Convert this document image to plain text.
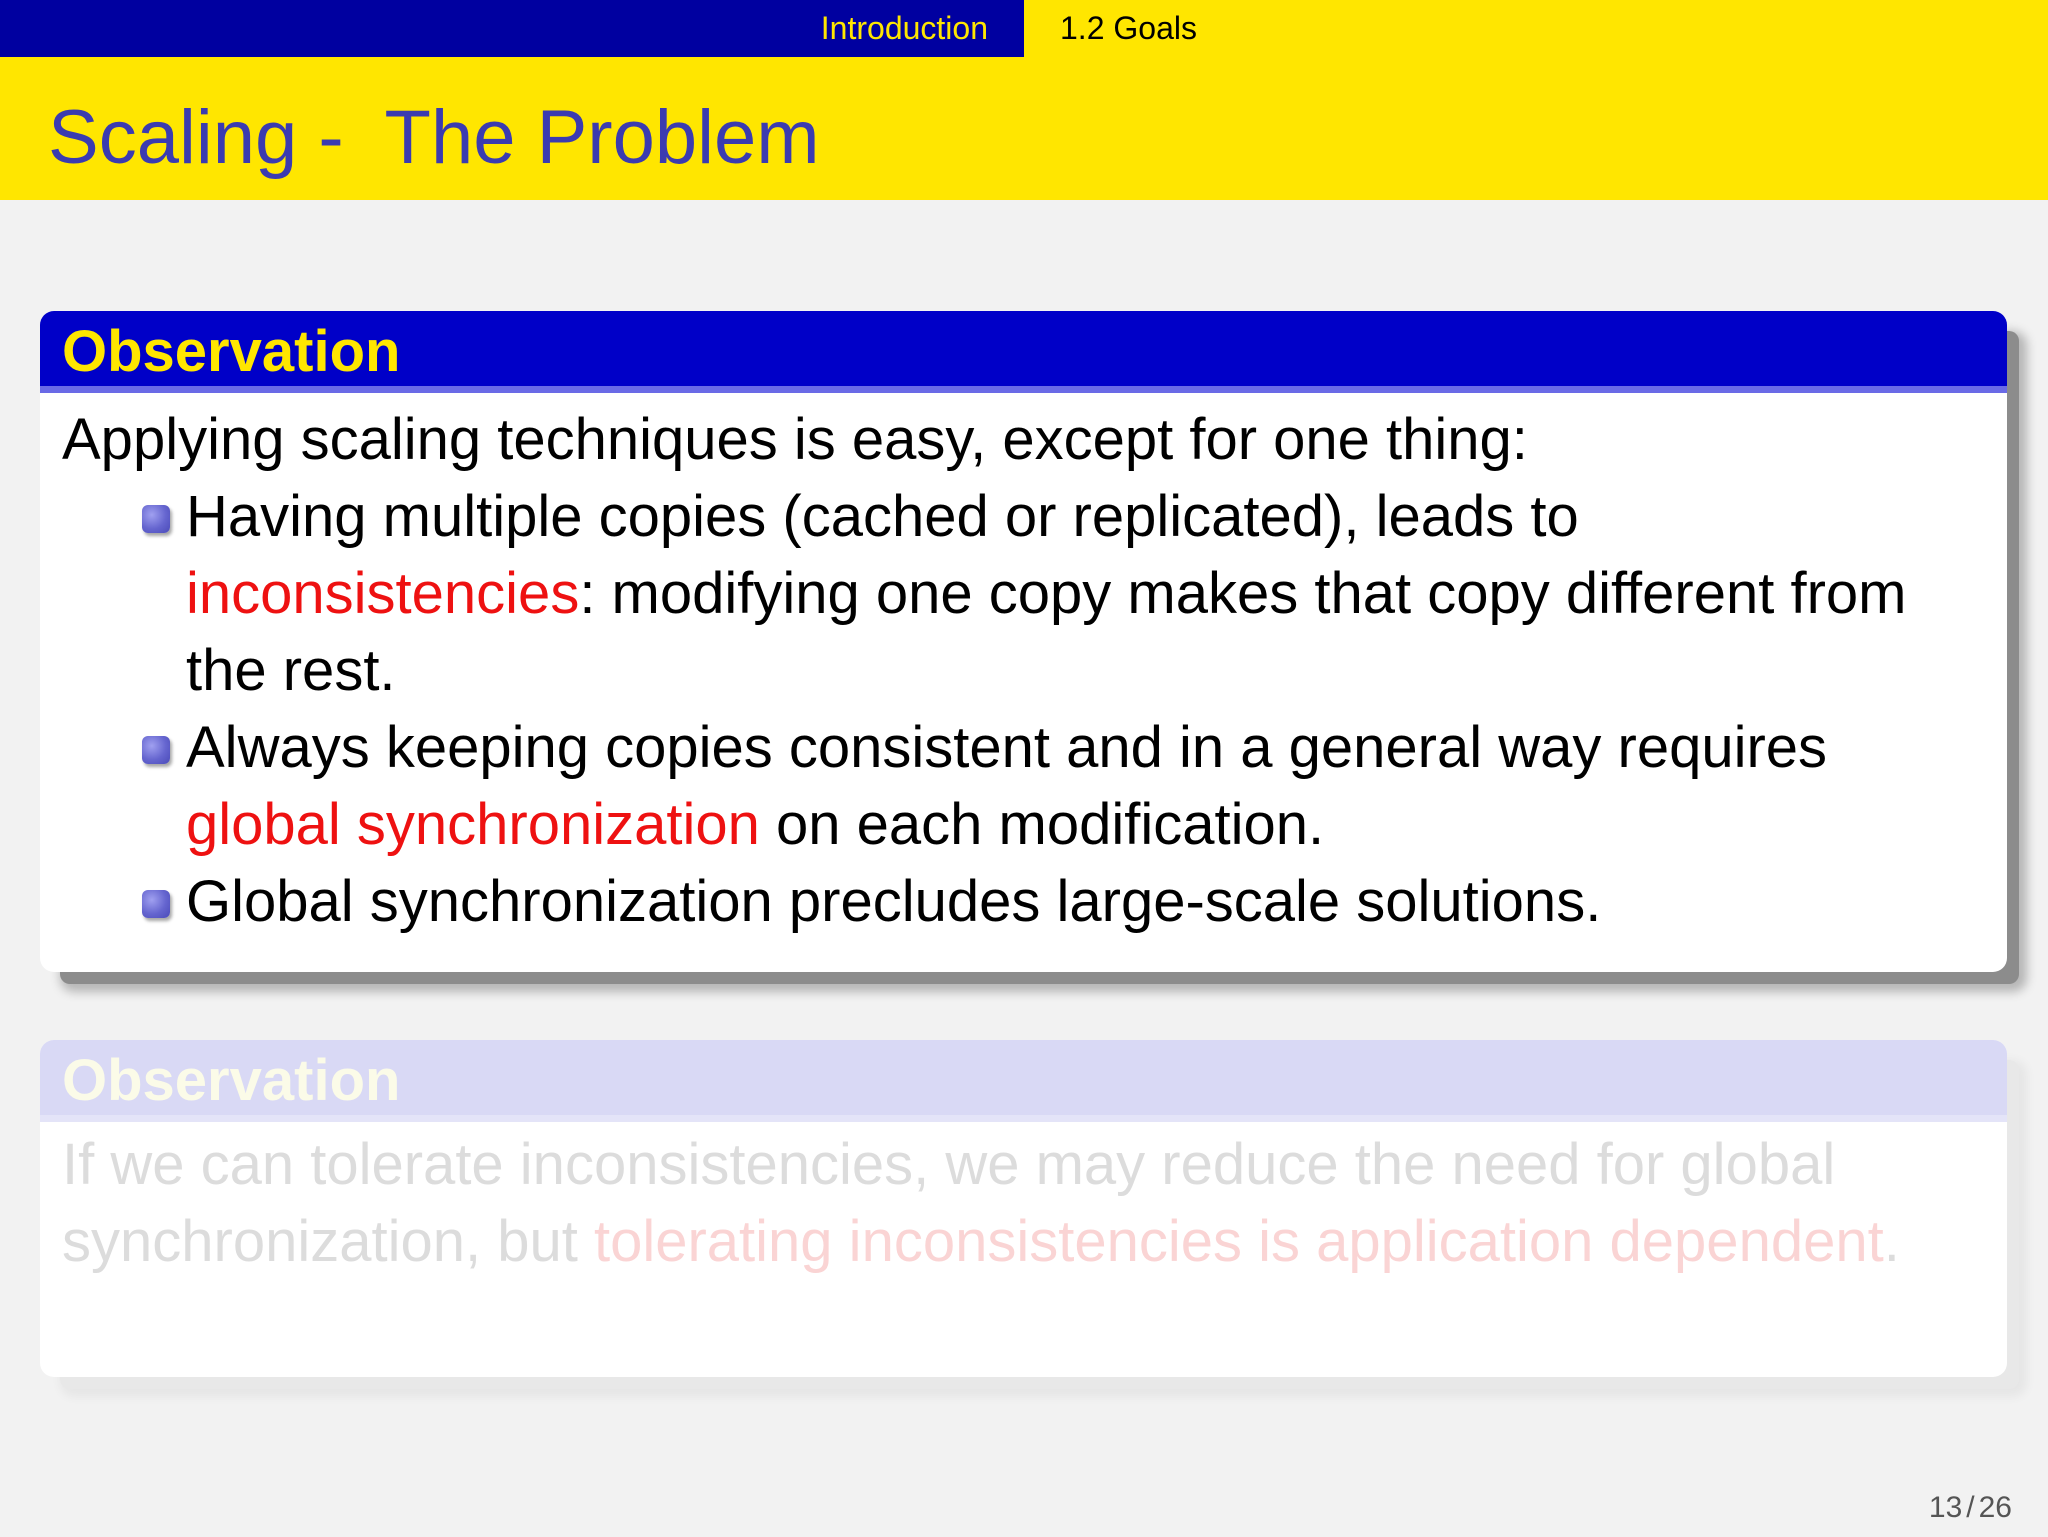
Introduction 1.2 Goals
Scaling -  The Problem
Observation

Applying scaling techniques is easy, except for one thing:

Having multiple copies (cached or replicated), leads to inconsistencies: modifying one copy makes that copy different from the rest.
Always keeping copies consistent and in a general way requires global synchronization on each modification.
Global synchronization precludes large-scale solutions.
Observation
If we can tolerate inconsistencies, we may reduce the need for global synchronization, but tolerating inconsistencies is application dependent.
13 / 26
